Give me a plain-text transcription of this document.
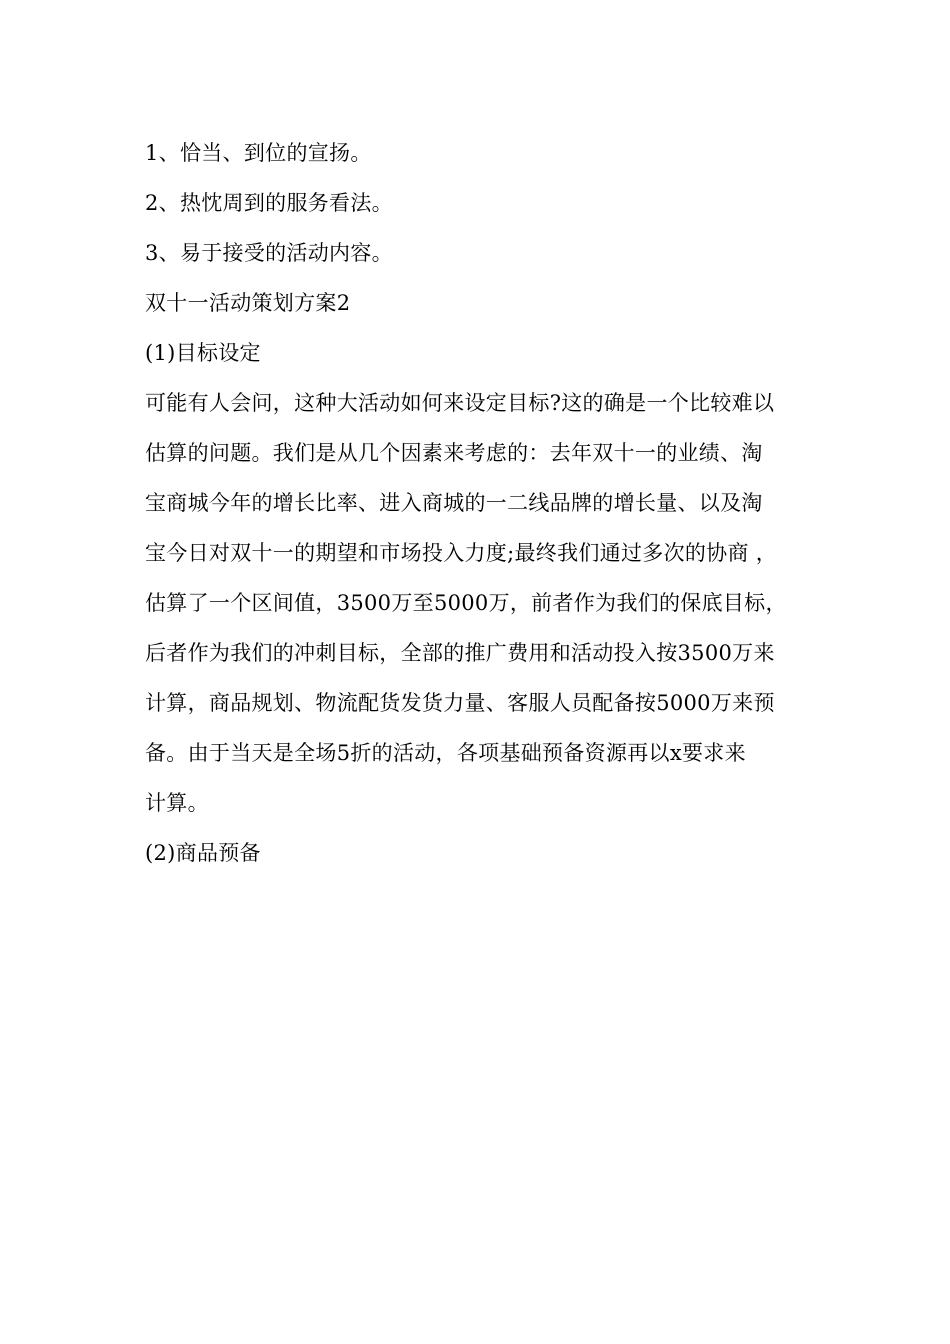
1、恰当、到位的宣扬。
2、热忱周到的服务看法。
3、易于接受的活动内容。
双十一活动策划方案2
(1)目标设定
可能有人会问，这种大活动如何来设定目标?这的确是一个比较难以
估算的问题。我们是从几个因素来考虑的：去年双十一的业绩、淘
宝商城今年的增长比率、进入商城的一二线品牌的增长量、以及淘
宝今日对双十一的期望和市场投入力度;最终我们通过多次的协商 ，
估算了一个区间值，3500万至5000万，前者作为我们的保底目标，
后者作为我们的冲刺目标，全部的推广费用和活动投入按3500万来
计算，商品规划、物流配货发货力量、客服人员配备按5000万来预
备。由于当天是全场5折的活动，各项基础预备资源再以x要求来
计算。
(2)商品预备
